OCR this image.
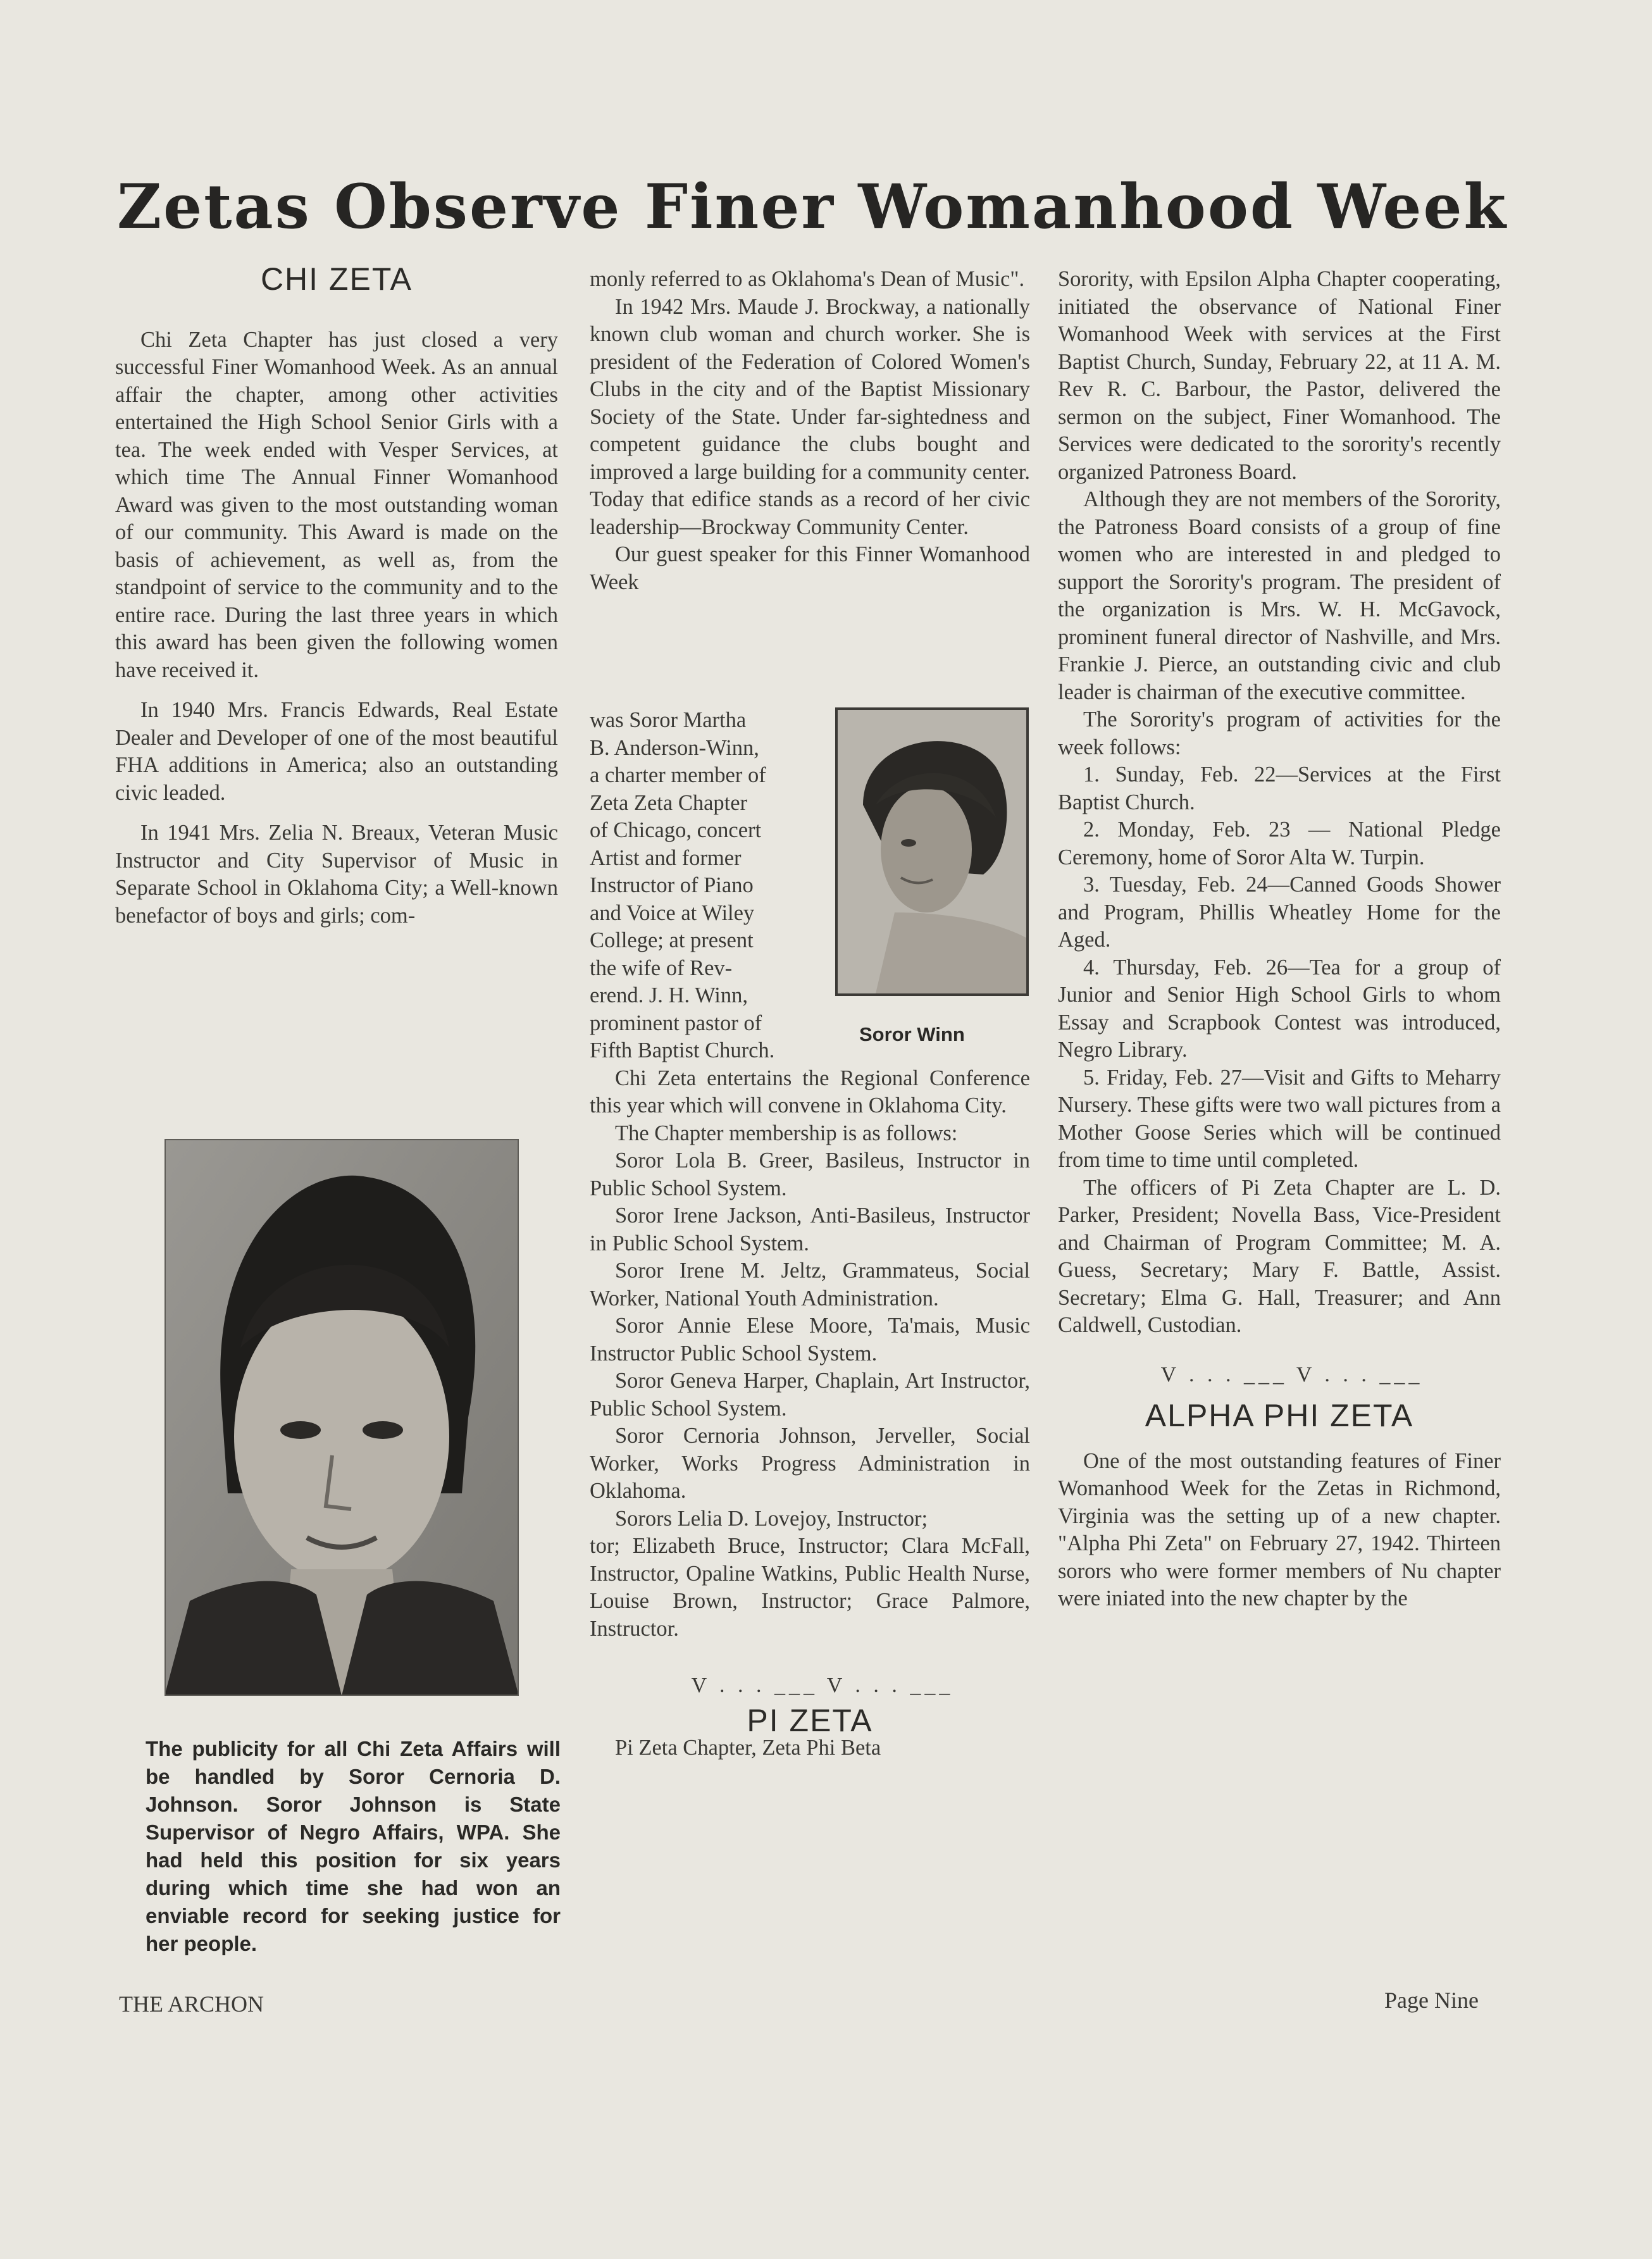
Zetas Observe Finer Womanhood Week
CHI ZETA

Chi Zeta Chapter has just closed a very successful Finer Womanhood Week. As an annual affair the chapter, among other activities entertained the High School Senior Girls with a tea. The week ended with Vesper Services, at which time The Annual Finner Womanhood Award was given to the most outstanding woman of our community. This Award is made on the basis of achievement, as well as, from the standpoint of service to the community and to the entire race. During the last three years in which this award has been given the following women have received it.

In 1940 Mrs. Francis Edwards, Real Estate Dealer and Developer of one of the most beautiful FHA additions in America; also an outstanding civic leaded.

In 1941 Mrs. Zelia N. Breaux, Veteran Music Instructor and City Supervisor of Music in Separate School in Oklahoma City; a Well-known benefactor of boys and girls; com-

The publicity for all Chi Zeta Affairs will be handled by Soror Cernoria D. Johnson. Soror Johnson is State Supervisor of Negro Affairs, WPA. She had held this position for six years during which time she had won an enviable record for seeking justice for her people.

monly referred to as Oklahoma's Dean of Music".

In 1942 Mrs. Maude J. Brockway, a nationally known club woman and church worker. She is president of the Federation of Colored Women's Clubs in the city and of the Baptist Missionary Society of the State. Under far-sightedness and competent guidance the clubs bought and improved a large building for a community center. Today that edifice stands as a record of her civic leadership—Brockway Community Center.

Our guest speaker for this Finner Womanhood Week

was Soror Martha
B. Anderson-Winn,
a charter member of
Zeta Zeta Chapter
of Chicago, concert
Artist and former
Instructor of Piano
and Voice at Wiley
College; at present
the wife of Rev-
erend. J. H. Winn,
prominent pastor of	Soror Winn

Fifth Baptist Church.

Chi Zeta entertains the Regional Conference this year which will convene in Oklahoma City.

The Chapter membership is as follows:

Soror Lola B. Greer, Basileus, Instructor in Public School System.

Soror Irene Jackson, Anti-Basileus, Instructor in Public School System.

Soror Irene M. Jeltz, Grammateus, Social Worker, National Youth Administration.

Soror Annie Elese Moore, Ta'mais, Music Instructor Public School System.

Soror Geneva Harper, Chaplain, Art Instructor, Public School System.

Soror Cernoria Johnson, Jerveller, Social Worker, Works Progress Administration in Oklahoma.

Sorors Lelia D. Lovejoy, Instructor;

tor; Elizabeth Bruce, Instructor; Clara McFall, Instructor, Opaline Watkins, Public Health Nurse, Louise Brown, Instructor; Grace Palmore, Instructor.

V . . . ___ V . . . ___

PI ZETA

Pi Zeta Chapter, Zeta Phi Beta

Sorority, with Epsilon Alpha Chapter cooperating, initiated the observance of National Finer Womanhood Week with services at the First Baptist Church, Sunday, February 22, at 11 A. M. Rev R. C. Barbour, the Pastor, delivered the sermon on the subject, Finer Womanhood. The Services were dedicated to the sorority's recently organized Patroness Board.

Although they are not members of the Sorority, the Patroness Board consists of a group of fine women who are interested in and pledged to support the Sorority's program. The president of the organization is Mrs. W. H. McGavock, prominent funeral director of Nashville, and Mrs. Frankie J. Pierce, an outstanding civic and club leader is chairman of the executive committee.

The Sorority's program of activities for the week follows:

1. Sunday, Feb. 22—Services at the First Baptist Church.

2. Monday, Feb. 23 — National Pledge Ceremony, home of Soror Alta W. Turpin.

3. Tuesday, Feb. 24—Canned Goods Shower and Program, Phillis Wheatley Home for the Aged.

4. Thursday, Feb. 26—Tea for a group of Junior and Senior High School Girls to whom Essay and Scrapbook Contest was introduced, Negro Library.

5. Friday, Feb. 27—Visit and Gifts to Meharry Nursery. These gifts were two wall pictures from a Mother Goose Series which will be continued from time to time until completed.

The officers of Pi Zeta Chapter are L. D. Parker, President; Novella Bass, Vice-President and Chairman of Program Committee; M. A. Guess, Secretary; Mary F. Battle, Assist. Secretary; Elma G. Hall, Treasurer; and Ann Caldwell, Custodian.

V . . . ___ V . . . ___

ALPHA PHI ZETA

One of the most outstanding features of Finer Womanhood Week for the Zetas in Richmond, Virginia was the setting up of a new chapter. "Alpha Phi Zeta" on February 27, 1942. Thirteen sorors who were former members of Nu chapter were iniated into the new chapter by the

THE ARCHON	Page Nine
